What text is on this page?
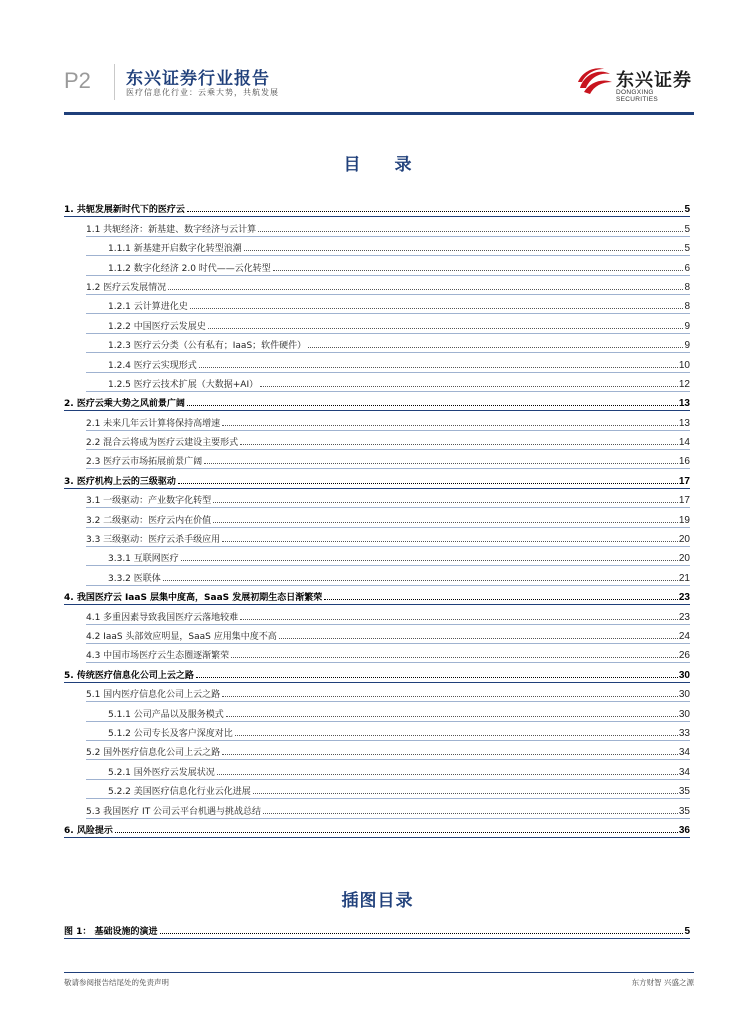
P2 东兴证券行业报告
医疗信息化行业：云乘大势，共航发展
东兴证券
DONGXING SECURITIES
目 录
1. 共轭发展新时代下的医疗云	5
1.1 共轭经济：新基建、数字经济与云计算	5
1.1.1 新基建开启数字化转型浪潮	5
1.1.2 数字化经济 2.0 时代——云化转型	6
1.2 医疗云发展情况	8
1.2.1 云计算进化史	8
1.2.2 中国医疗云发展史	9
1.2.3 医疗云分类（公有私有；IaaS；软件硬件）	9
1.2.4 医疗云实现形式	10
1.2.5 医疗云技术扩展（大数据+AI）	12
2. 医疗云乘大势之风前景广阔	13
2.1 未来几年云计算将保持高增速	13
2.2 混合云将成为医疗云建设主要形式	14
2.3 医疗云市场拓展前景广阔	16
3. 医疗机构上云的三级驱动	17
3.1 一级驱动：产业数字化转型	17
3.2 二级驱动：医疗云内在价值	19
3.3 三级驱动：医疗云杀手级应用	20
3.3.1 互联网医疗	20
3.3.2 医联体	21
4. 我国医疗云 IaaS 层集中度高，SaaS 发展初期生态日渐繁荣	23
4.1 多重因素导致我国医疗云落地较难	23
4.2 IaaS 头部效应明显，SaaS 应用集中度不高	24
4.3 中国市场医疗云生态圈逐渐繁荣	26
5. 传统医疗信息化公司上云之路	30
5.1 国内医疗信息化公司上云之路	30
5.1.1 公司产品以及服务模式	30
5.1.2 公司专长及客户深度对比	33
5.2 国外医疗信息化公司上云之路	34
5.2.1 国外医疗云发展状况	34
5.2.2 美国医疗信息化行业云化进展	35
5.3 我国医疗 IT 公司云平台机遇与挑战总结	35
6. 风险提示	36
插图目录
图 1： 基础设施的演进	5
敬请参阅报告结尾处的免责声明	东方财智 兴盛之源
